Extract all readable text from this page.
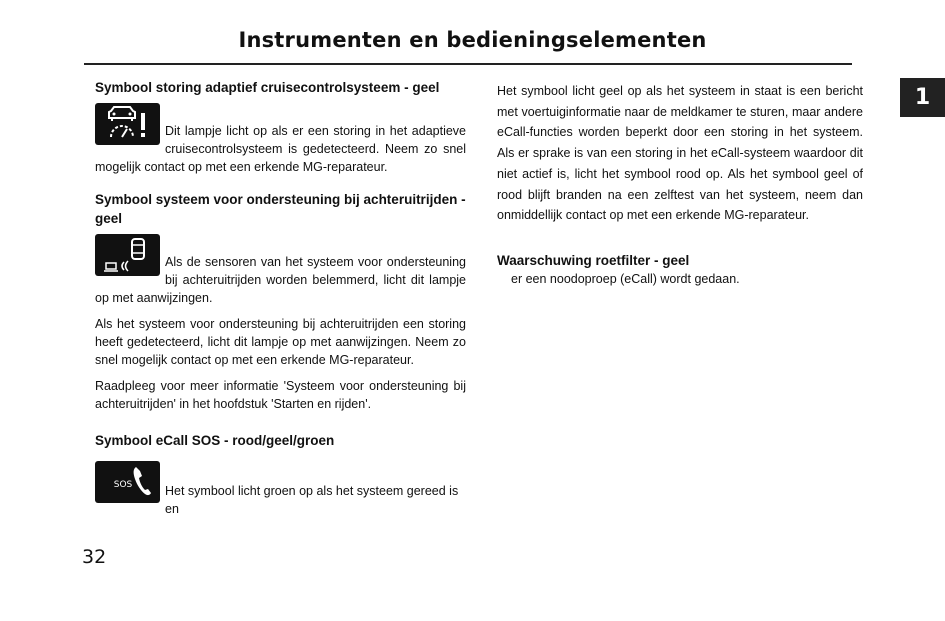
Instrumenten en bedieningselementen
1
Symbool storing adaptief cruisecontrolsysteem - geel

Dit lampje licht op als er een storing in het adaptieve cruisecontrolsysteem is gedetecteerd. Neem zo snel mogelijk contact op met een erkende MG-reparateur.

Symbool systeem voor ondersteuning bij achteruitrijden - geel

Als de sensoren van het systeem voor ondersteuning bij achteruitrijden worden belemmerd, licht dit lampje op met aanwijzingen.

Als het systeem voor ondersteuning bij achteruitrijden een storing heeft gedetecteerd, licht dit lampje op met aanwijzingen. Neem zo snel mogelijk contact op met een erkende MG-reparateur.

Raadpleeg voor meer informatie 'Systeem voor ondersteuning bij achteruitrijden' in het hoofdstuk 'Starten en rijden'.

Symbool eCall SOS - rood/geel/groen
SOS	Het symbool licht groen op als het systeem gereed is en

Het symbool licht geel op als het systeem in staat is een bericht met voertuiginformatie naar de meldkamer te sturen, maar andere eCall-functies worden beperkt door een storing in het systeem. Als er sprake is van een storing in het eCall-systeem waardoor dit niet actief is, licht het symbool rood op. Als het symbool geel of rood blijft branden na een zelftest van het systeem, neem dan onmiddellijk contact op met een erkende MG-reparateur.

Waarschuwing roetfilter - geel

er een noodoproep (eCall) wordt gedaan.

32
